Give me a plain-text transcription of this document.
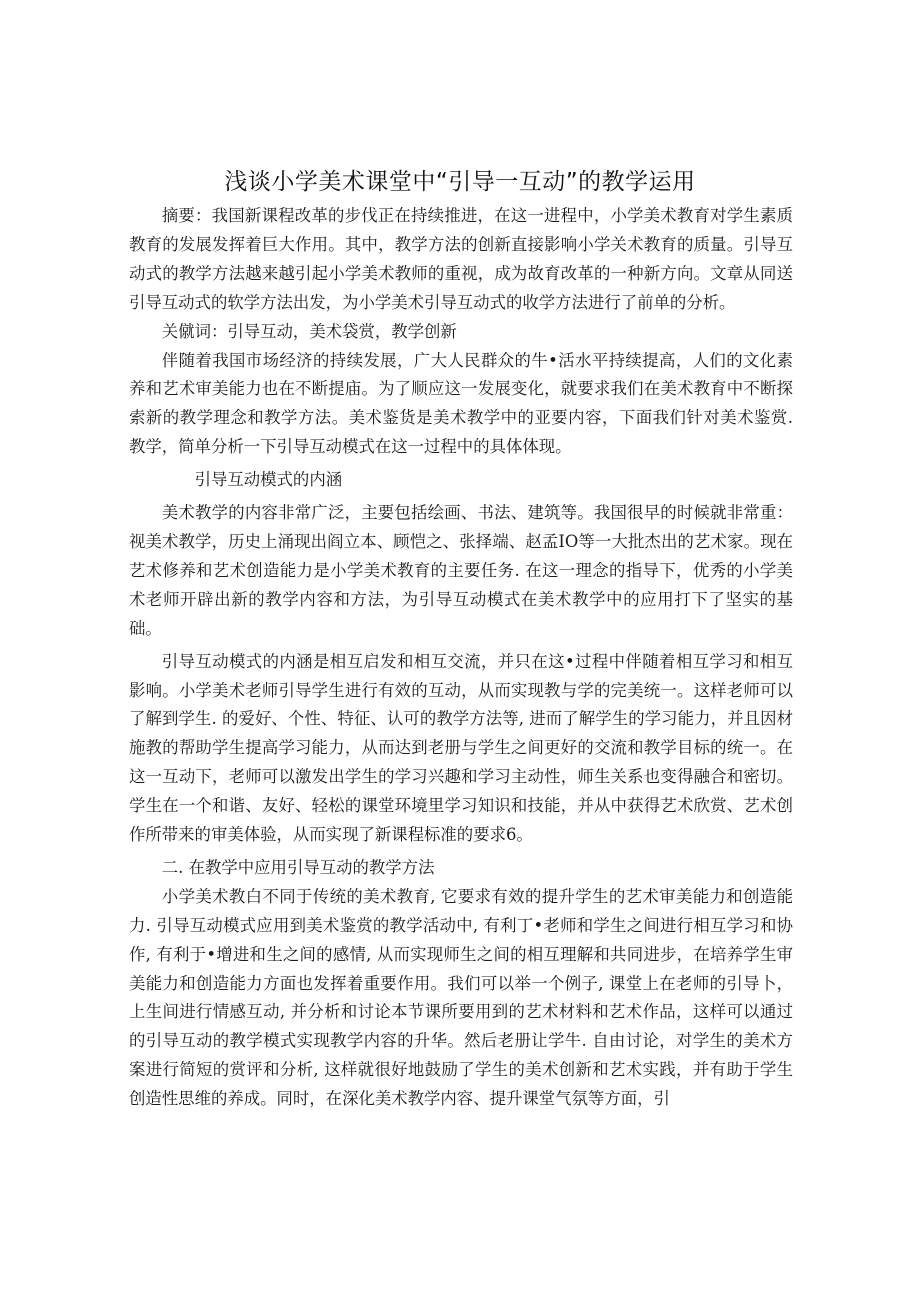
浅谈小学美术课堂中“引导一互动”的教学运用

摘要：我国新课程改革的步伐正在持续推进，在这一进程中，小学美术教育对学生素质教育的发展发挥着巨大作用。其中，教学方法的创新直接影响小学关术教育的质量。引导互动式的教学方法越来越引起小学美术教师的重视，成为故育改革的一种新方向。文章从同送引导互动式的软学方法出发，为小学美术引导互动式的收学方法进行了前单的分析。

关僦词：引导互动，美术袋赏，教学创新

伴随着我国市场经济的持续发展，广大人民群众的牛•活水平持续提高，人们的文化素养和艺术审美能力也在不断提庙。为了顺应这一发展变化，就要求我们在美术教育中不断探索新的教学理念和教学方法。美术鉴货是美术教学中的亚要内容，下面我们针对美术鉴赏. 教学，简单分析一下引导互动模式在这一过程中的具体体现。

引导互动模式的内涵

美术教学的内容非常广泛，主要包括绘画、书法、建筑等。我国很早的时候就非常重：视美术教学，历史上涌现出阎立本、顾恺之、张择端、赵孟IO等一大批杰出的艺术家。现在艺术修养和艺术创造能力是小学美术教育的主要任务. 在这一理念的指导下，优秀的小学美术老师开辟出新的教学内容和方法，为引导互动模式在美术教学中的应用打下了坚实的基础。

引导互动模式的内涵是相互启发和相互交流，并只在这•过程中伴随着相互学习和相互影响。小学美术老师引导学生进行有效的互动，从而实现教与学的完美统一。这样老师可以了解到学生. 的爱好、个性、特征、认可的教学方法等, 进而了解学生的学习能力，并且因材施教的帮助学生提高学习能力，从而达到老册与学生之间更好的交流和教学目标的统一。在这一互动下，老师可以激发出学生的学习兴趣和学习主动性，师生关系也变得融合和密切。学生在一个和谐、友好、轻松的课堂环境里学习知识和技能，并从中获得艺术欣赏、艺术创作所带来的审美体验，从而实现了新课程标准的要求6。

二. 在教学中应用引导互动的教学方法

小学美术教白不同于传统的美术教育, 它要求有效的提升学生的艺术审美能力和创造能力. 引导互动模式应用到美术鉴赏的教学活动中, 有利丁•老师和学生之间进行相互学习和协作, 有利于•增进和生之间的感情, 从而实现师生之间的相互理解和共同进步，在培养学生审美能力和创造能力方面也发挥着重要作用。我们可以举一个例子, 课堂上在老师的引导卜，上生间进行情感互动, 并分析和讨论本节课所要用到的艺术材料和艺术作品，这样可以通过的引导互动的教学模式实现教学内容的升华。然后老册让学牛. 自由讨论，对学生的美术方案进行简短的赏评和分析, 这样就很好地鼓励了学生的美术创新和艺术实践，并有助于学生创造性思维的养成。同时，在深化美术教学内容、提升课堂气氛等方面，引
